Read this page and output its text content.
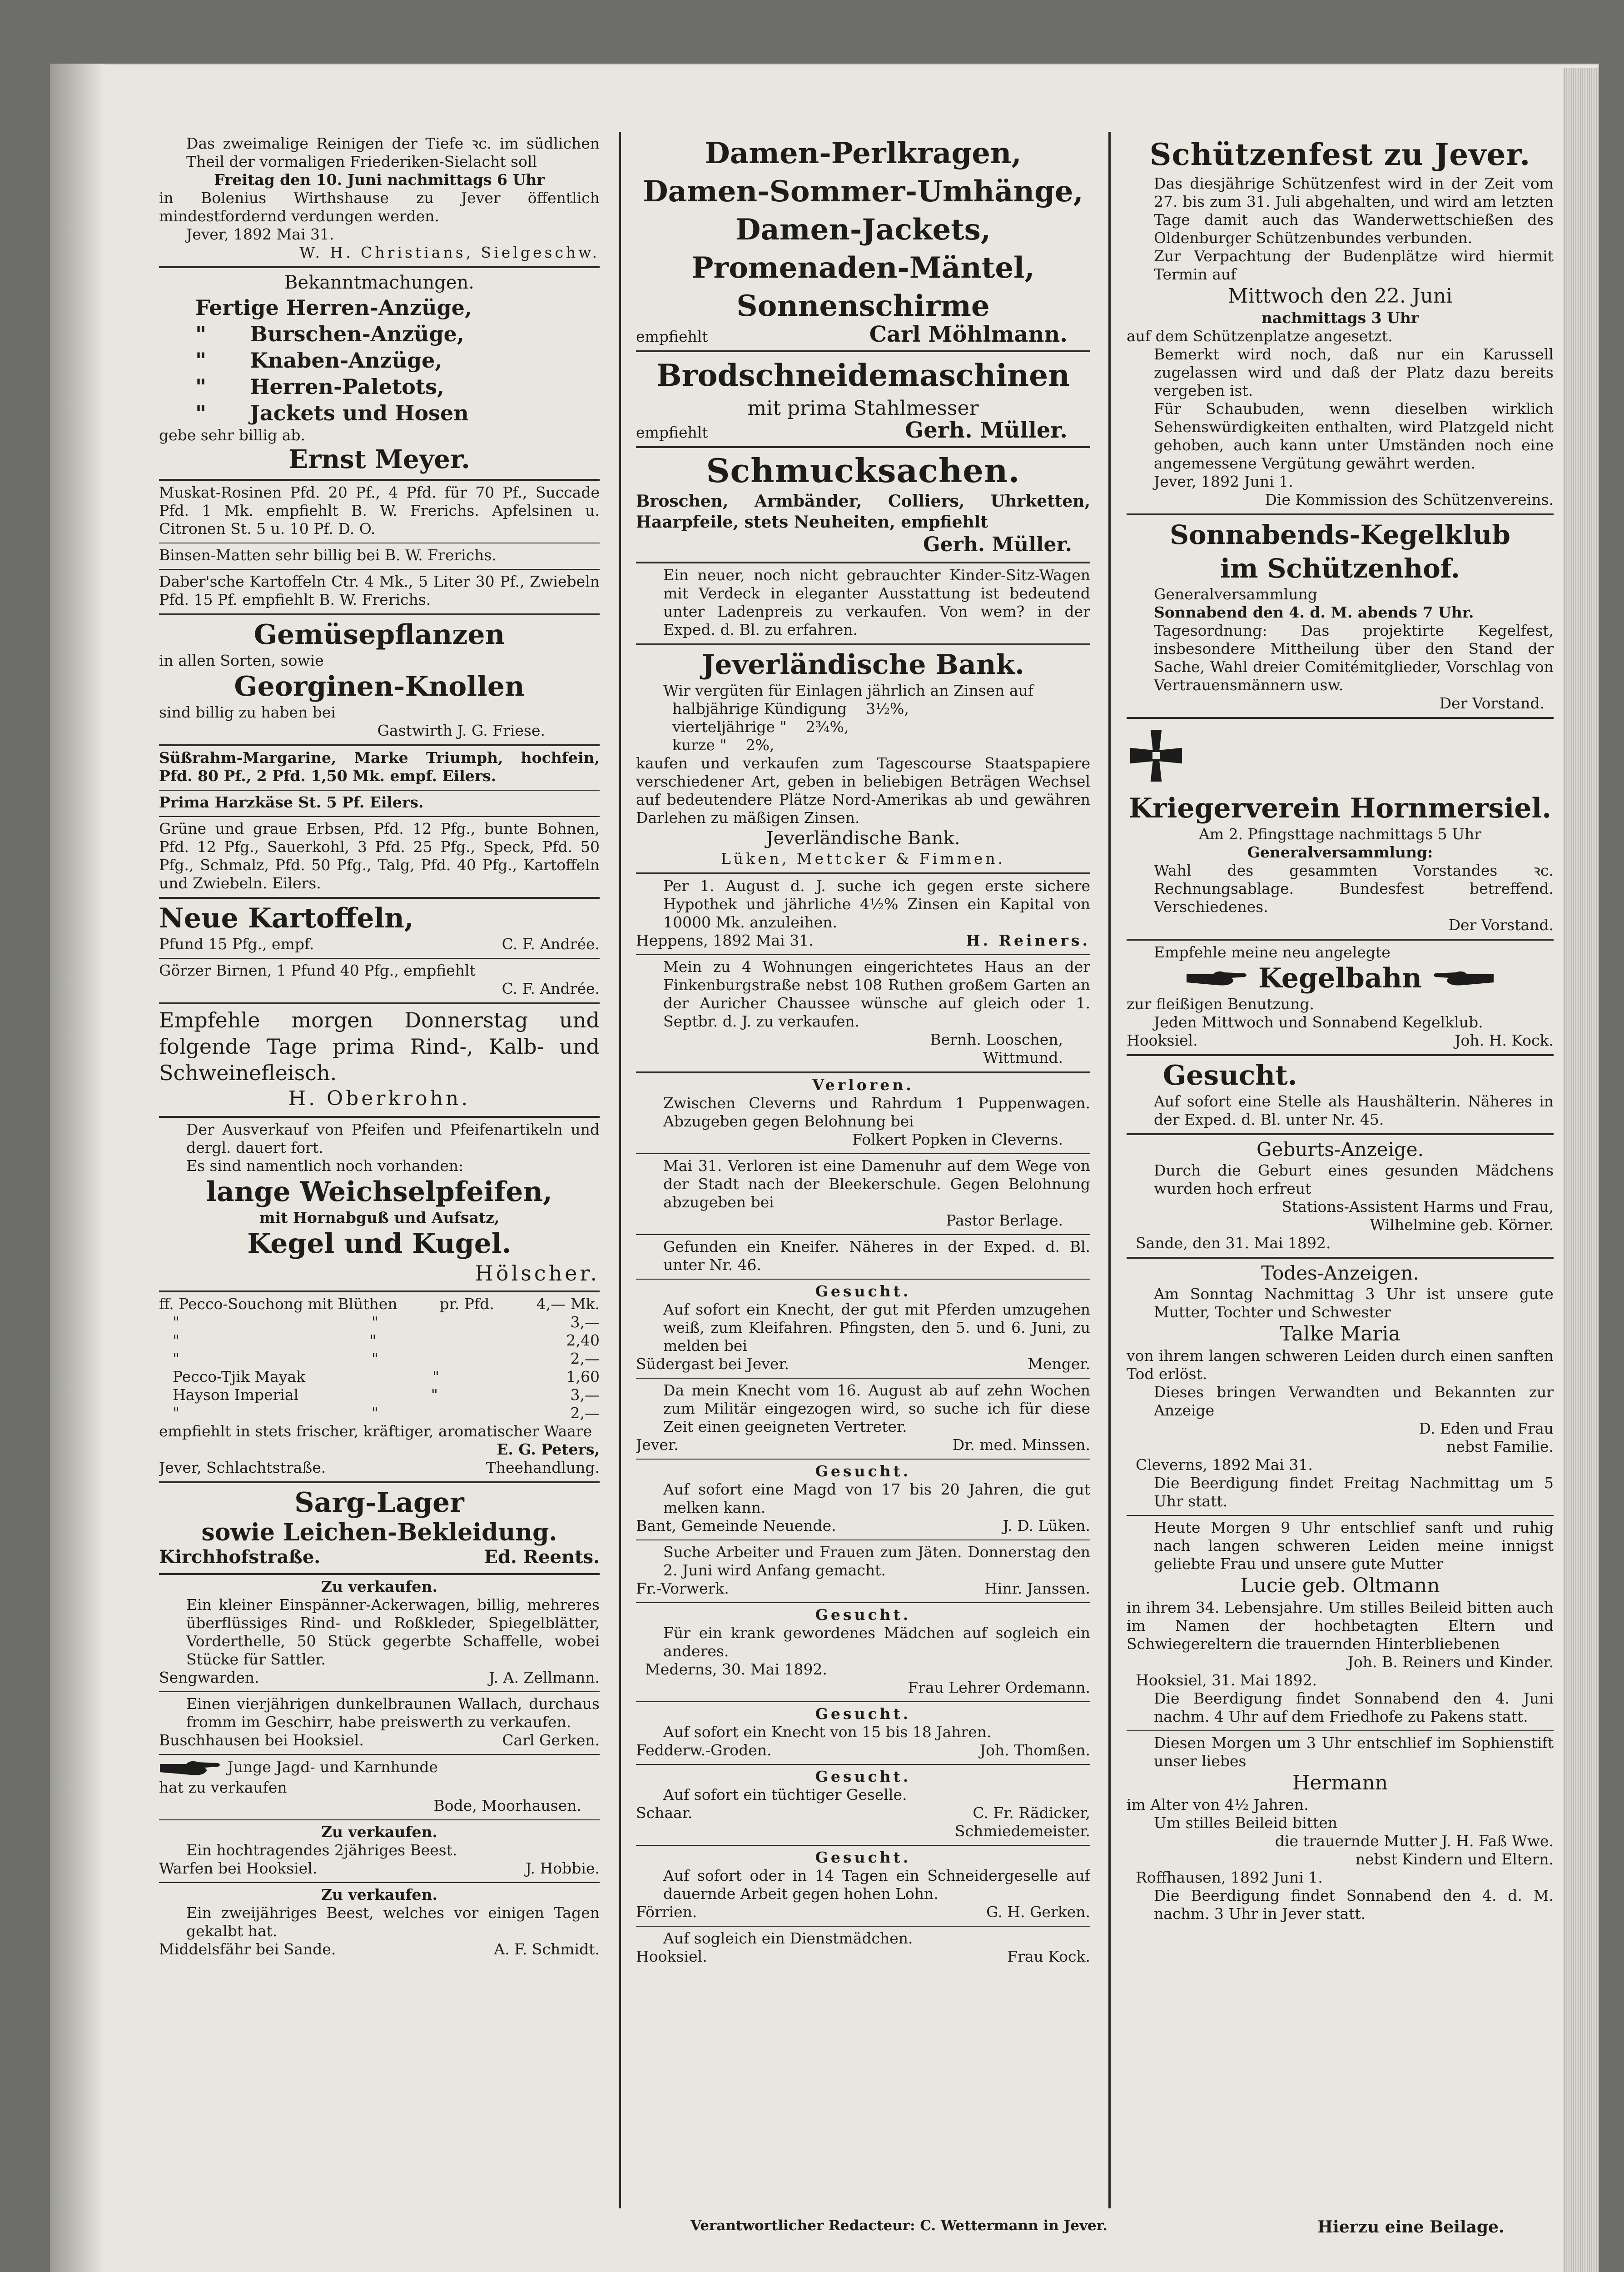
Das zweimalige Reinigen der Tiefe ꝛc. im südlichen Theil der vormaligen Friederiken-Sielacht soll
Freitag den 10. Juni nachmittags 6 Uhr
in Bolenius Wirthshause zu Jever öffentlich mindestfordernd verdungen werden.
Jever, 1892 Mai 31.
W. H. Christians, Sielgeschw.
Bekanntmachungen.
Fertige Herren-Anzüge,
" Burschen-Anzüge,
" Knaben-Anzüge,
" Herren-Paletots,
" Jackets und Hosen
gebe sehr billig ab.
Ernst Meyer.
Muskat-Rosinen Pfd. 20 Pf., 4 Pfd. für 70 Pf., Succade Pfd. 1 Mk. empfiehlt B. W. Frerichs. Apfelsinen u. Citronen St. 5 u. 10 Pf. D. O.
Binsen-Matten sehr billig bei B. W. Frerichs.
Daber'sche Kartoffeln Ctr. 4 Mk., 5 Liter 30 Pf., Zwiebeln Pfd. 15 Pf. empfiehlt B. W. Frerichs.
Gemüsepflanzen
in allen Sorten, sowie
Georginen-Knollen
sind billig zu haben bei
Gastwirth J. G. Friese.
Süßrahm-Margarine, Marke Triumph, hochfein, Pfd. 80 Pf., 2 Pfd. 1,50 Mk. empf. Eilers.
Prima Harzkäse St. 5 Pf. Eilers.
Grüne und graue Erbsen, Pfd. 12 Pfg., bunte Bohnen, Pfd. 12 Pfg., Sauerkohl, 3 Pfd. 25 Pfg., Speck, Pfd. 50 Pfg., Schmalz, Pfd. 50 Pfg., Talg, Pfd. 40 Pfg., Kartoffeln und Zwiebeln. Eilers.
Neue Kartoffeln,
Pfund 15 Pfg., empf.	C. F. Andrée.
Görzer Birnen, 1 Pfund 40 Pfg., empfiehlt
C. F. Andrée.
Empfehle morgen Donnerstag und folgende Tage prima Rind-, Kalb- und Schweinefleisch.
H. Oberkrohn.
Der Ausverkauf von Pfeifen und Pfeifenartikeln und dergl. dauert fort.
Es sind namentlich noch vorhanden:
lange Weichselpfeifen,
mit Hornabguß und Aufsatz,
Kegel und Kugel.
Hölscher.
ff. Pecco-Souchong mit Blüthen	pr. Pfd.	4,— Mk.
"	"	3,—
"	"	2,40
"	"	2,—
Pecco-Tjik Mayak	"	1,60
Hayson Imperial	"	3,—
"	"	2,—
empfiehlt in stets frischer, kräftiger, aromatischer Waare
E. G. Peters,
Jever, Schlachtstraße.	Theehandlung.
Sarg-Lager
sowie Leichen-Bekleidung.
Kirchhofstraße.	Ed. Reents.
Zu verkaufen.
Ein kleiner Einspänner-Ackerwagen, billig, mehreres überflüssiges Rind- und Roßkleder, Spiegelblätter, Vorderthelle, 50 Stück gegerbte Schaffelle, wobei Stücke für Sattler.
Sengwarden.	J. A. Zellmann.
Einen vierjährigen dunkelbraunen Wallach, durchaus fromm im Geschirr, habe preiswerth zu verkaufen.
Buschhausen bei Hooksiel.	Carl Gerken.
Junge Jagd- und Karnhunde
hat zu verkaufen
Bode, Moorhausen.
Zu verkaufen.
Ein hochtragendes 2jähriges Beest.
Warfen bei Hooksiel.	J. Hobbie.
Zu verkaufen.
Ein zweijähriges Beest, welches vor einigen Tagen gekalbt hat.
Middelsfähr bei Sande.	A. F. Schmidt.
Damen-Perlkragen,
Damen-Sommer-Umhänge,
Damen-Jackets,
Promenaden-Mäntel,
Sonnenschirme
empfiehlt	Carl Möhlmann.
Brodschneidemaschinen
mit prima Stahlmesser
empfiehlt	Gerh. Müller.
Schmucksachen.
Broschen, Armbänder, Colliers, Uhrketten, Haarpfeile, stets Neuheiten, empfiehlt
Gerh. Müller.
Ein neuer, noch nicht gebrauchter Kinder-Sitz-Wagen mit Verdeck in eleganter Ausstattung ist bedeutend unter Ladenpreis zu verkaufen. Von wem? in der Exped. d. Bl. zu erfahren.
Jeverländische Bank.
Wir vergüten für Einlagen jährlich an Zinsen auf
halbjährige Kündigung 3½%,
vierteljährige " 2¾%,
kurze " 2%,
kaufen und verkaufen zum Tagescourse Staatspapiere verschiedener Art, geben in beliebigen Beträgen Wechsel auf bedeutendere Plätze Nord-Amerikas ab und gewähren Darlehen zu mäßigen Zinsen.
Jeverländische Bank.
Lüken, Mettcker & Fimmen.
Per 1. August d. J. suche ich gegen erste sichere Hypothek und jährliche 4½% Zinsen ein Kapital von 10000 Mk. anzuleihen.
Heppens, 1892 Mai 31.	H. Reiners.
Mein zu 4 Wohnungen eingerichtetes Haus an der Finkenburgstraße nebst 108 Ruthen großem Garten an der Auricher Chaussee wünsche auf gleich oder 1. Septbr. d. J. zu verkaufen.
Bernh. Looschen,
Wittmund.
Verloren.
Zwischen Cleverns und Rahrdum 1 Puppenwagen. Abzugeben gegen Belohnung bei
Folkert Popken in Cleverns.
Mai 31. Verloren ist eine Damenuhr auf dem Wege von der Stadt nach der Bleekerschule. Gegen Belohnung abzugeben bei
Pastor Berlage.
Gefunden ein Kneifer. Näheres in der Exped. d. Bl. unter Nr. 46.
Gesucht.
Auf sofort ein Knecht, der gut mit Pferden umzugehen weiß, zum Kleifahren. Pfingsten, den 5. und 6. Juni, zu melden bei
Südergast bei Jever.	Menger.
Da mein Knecht vom 16. August ab auf zehn Wochen zum Militär eingezogen wird, so suche ich für diese Zeit einen geeigneten Vertreter.
Jever.	Dr. med. Minssen.
Gesucht.
Auf sofort eine Magd von 17 bis 20 Jahren, die gut melken kann.
Bant, Gemeinde Neuende.	J. D. Lüken.
Suche Arbeiter und Frauen zum Jäten. Donnerstag den 2. Juni wird Anfang gemacht.
Fr.-Vorwerk.	Hinr. Janssen.
Gesucht.
Für ein krank gewordenes Mädchen auf sogleich ein anderes.
Mederns, 30. Mai 1892.
Frau Lehrer Ordemann.
Gesucht.
Auf sofort ein Knecht von 15 bis 18 Jahren.
Fedderw.-Groden.	Joh. Thomßen.
Gesucht.
Auf sofort ein tüchtiger Geselle.
Schaar.	C. Fr. Rädicker,
Schmiedemeister.
Gesucht.
Auf sofort oder in 14 Tagen ein Schneidergeselle auf dauernde Arbeit gegen hohen Lohn.
Förrien.	G. H. Gerken.
Auf sogleich ein Dienstmädchen.
Hooksiel.	Frau Kock.
Schützenfest zu Jever.
Das diesjährige Schützenfest wird in der Zeit vom 27. bis zum 31. Juli abgehalten, und wird am letzten Tage damit auch das Wanderwettschießen des Oldenburger Schützenbundes verbunden.
Zur Verpachtung der Budenplätze wird hiermit Termin auf
Mittwoch den 22. Juni
nachmittags 3 Uhr
auf dem Schützenplatze angesetzt.
Bemerkt wird noch, daß nur ein Karussell zugelassen wird und daß der Platz dazu bereits vergeben ist.
Für Schaubuden, wenn dieselben wirklich Sehenswürdigkeiten enthalten, wird Platzgeld nicht gehoben, auch kann unter Umständen noch eine angemessene Vergütung gewährt werden.
Jever, 1892 Juni 1.
Die Kommission des Schützenvereins.
Sonnabends-Kegelklub
im Schützenhof.
Generalversammlung
Sonnabend den 4. d. M. abends 7 Uhr.
Tagesordnung: Das projektirte Kegelfest, insbesondere Mittheilung über den Stand der Sache, Wahl dreier Comitémitglieder, Vorschlag von Vertrauensmännern usw.
Der Vorstand.
Kriegerverein Hornmersiel.
Am 2. Pfingsttage nachmittags 5 Uhr
Generalversammlung:
Wahl des gesammten Vorstandes ꝛc. Rechnungsablage. Bundesfest betreffend. Verschiedenes.
Der Vorstand.
Empfehle meine neu angelegte
Kegelbahn
zur fleißigen Benutzung.
Jeden Mittwoch und Sonnabend Kegelklub.
Hooksiel.	Joh. H. Kock.
Gesucht.
Auf sofort eine Stelle als Haushälterin. Näheres in der Exped. d. Bl. unter Nr. 45.
Geburts-Anzeige.
Durch die Geburt eines gesunden Mädchens wurden hoch erfreut
Stations-Assistent Harms und Frau,
Wilhelmine geb. Körner.
Sande, den 31. Mai 1892.
Todes-Anzeigen.
Am Sonntag Nachmittag 3 Uhr ist unsere gute Mutter, Tochter und Schwester
Talke Maria
von ihrem langen schweren Leiden durch einen sanften Tod erlöst.
Dieses bringen Verwandten und Bekannten zur Anzeige
D. Eden und Frau
nebst Familie.
Cleverns, 1892 Mai 31.
Die Beerdigung findet Freitag Nachmittag um 5 Uhr statt.
Heute Morgen 9 Uhr entschlief sanft und ruhig nach langen schweren Leiden meine innigst geliebte Frau und unsere gute Mutter
Lucie geb. Oltmann
in ihrem 34. Lebensjahre. Um stilles Beileid bitten auch im Namen der hochbetagten Eltern und Schwiegereltern die trauernden Hinterbliebenen
Joh. B. Reiners und Kinder.
Hooksiel, 31. Mai 1892.
Die Beerdigung findet Sonnabend den 4. Juni nachm. 4 Uhr auf dem Friedhofe zu Pakens statt.
Diesen Morgen um 3 Uhr entschlief im Sophienstift unser liebes
Hermann
im Alter von 4½ Jahren.
Um stilles Beileid bitten
die trauernde Mutter J. H. Faß Wwe.
nebst Kindern und Eltern.
Roffhausen, 1892 Juni 1.
Die Beerdigung findet Sonnabend den 4. d. M. nachm. 3 Uhr in Jever statt.
Verantwortlicher Redacteur: C. Wettermann in Jever.	Hierzu eine Beilage.
